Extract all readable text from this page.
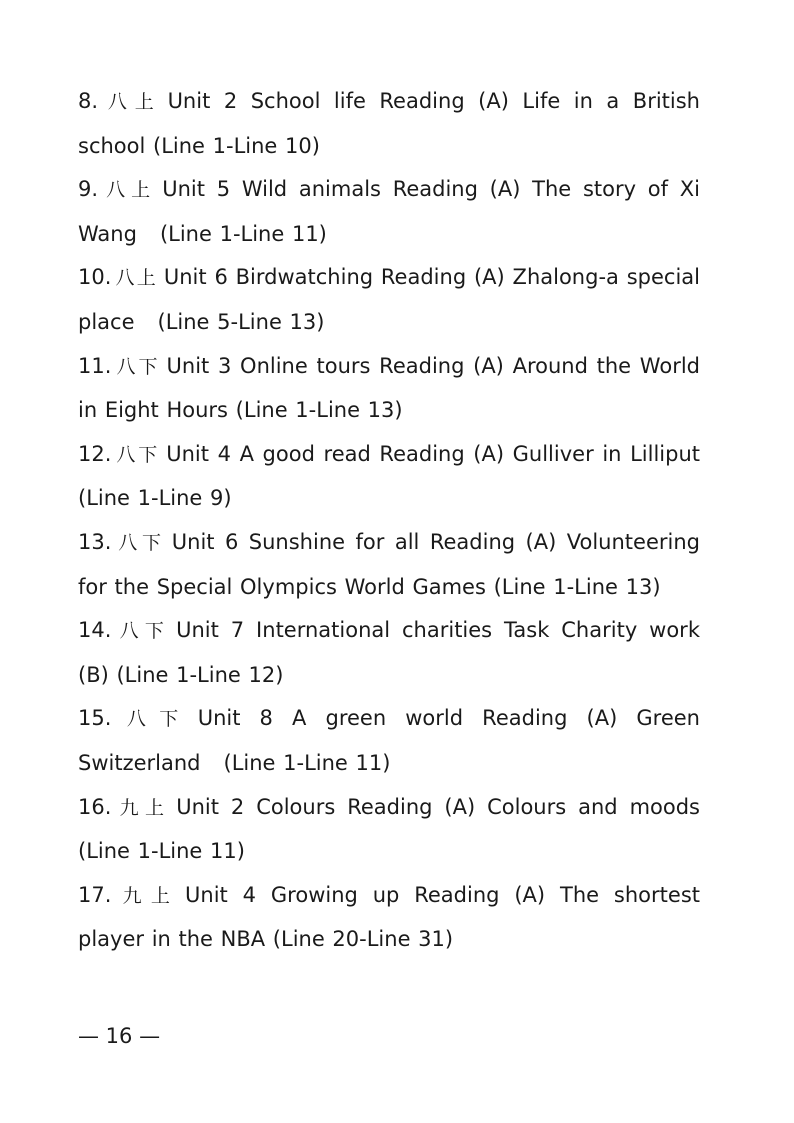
8. 八上 Unit 2 School life Reading (A) Life in a British school (Line 1-Line 10)

9. 八上 Unit 5 Wild animals Reading (A) The story of Xi Wang   (Line 1-Line 11)

10. 八上 Unit 6 Birdwatching Reading (A) Zhalong-a special place   (Line 5-Line 13)

11. 八下 Unit 3 Online tours Reading (A) Around the World in Eight Hours (Line 1-Line 13)

12. 八下 Unit 4 A good read Reading (A) Gulliver in Lilliput (Line 1-Line 9)

13. 八下 Unit 6 Sunshine for all Reading (A) Volunteering for the Special Olympics World Games (Line 1-Line 13)

14. 八下 Unit 7 International charities Task Charity work (B) (Line 1-Line 12)

15. 八下 Unit 8 A green world Reading (A) Green Switzerland   (Line 1-Line 11)

16. 九上 Unit 2 Colours Reading (A) Colours and moods (Line 1-Line 11)

17. 九上 Unit 4 Growing up Reading (A) The shortest player in the NBA (Line 20-Line 31)

— 16 —
